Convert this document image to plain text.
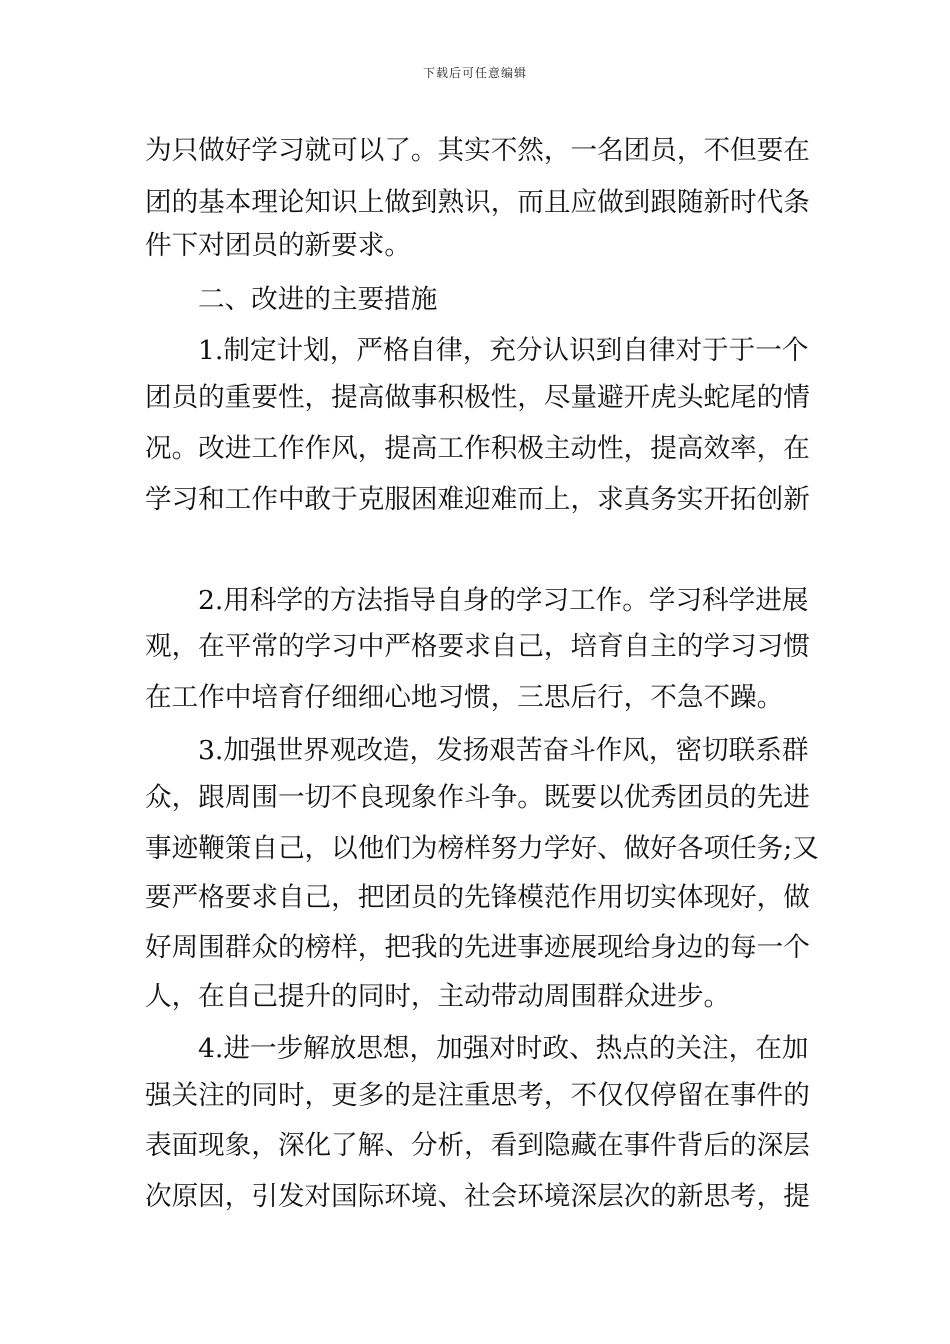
下载后可任意编辑
为只做好学习就可以了。其实不然，一名团员，不但要在
团的基本理论知识上做到熟识，而且应做到跟随新时代条
件下对团员的新要求。
二、改进的主要措施
1.制定计划，严格自律，充分认识到自律对于于一个
团员的重要性，提高做事积极性，尽量避开虎头蛇尾的情
况。改进工作作风，提高工作积极主动性，提高效率，在
学习和工作中敢于克服困难迎难而上，求真务实开拓创新
2.用科学的方法指导自身的学习工作。学习科学进展
观，在平常的学习中严格要求自己，培育自主的学习习惯
在工作中培育仔细细心地习惯，三思后行，不急不躁。
3.加强世界观改造，发扬艰苦奋斗作风，密切联系群
众，跟周围一切不良现象作斗争。既要以优秀团员的先进
事迹鞭策自己，以他们为榜样努力学好、做好各项任务;又
要严格要求自己，把团员的先锋模范作用切实体现好，做
好周围群众的榜样，把我的先进事迹展现给身边的每一个
人，在自己提升的同时，主动带动周围群众进步。
4.进一步解放思想，加强对时政、热点的关注，在加
强关注的同时，更多的是注重思考，不仅仅停留在事件的
表面现象，深化了解、分析，看到隐藏在事件背后的深层
次原因，引发对国际环境、社会环境深层次的新思考，提
